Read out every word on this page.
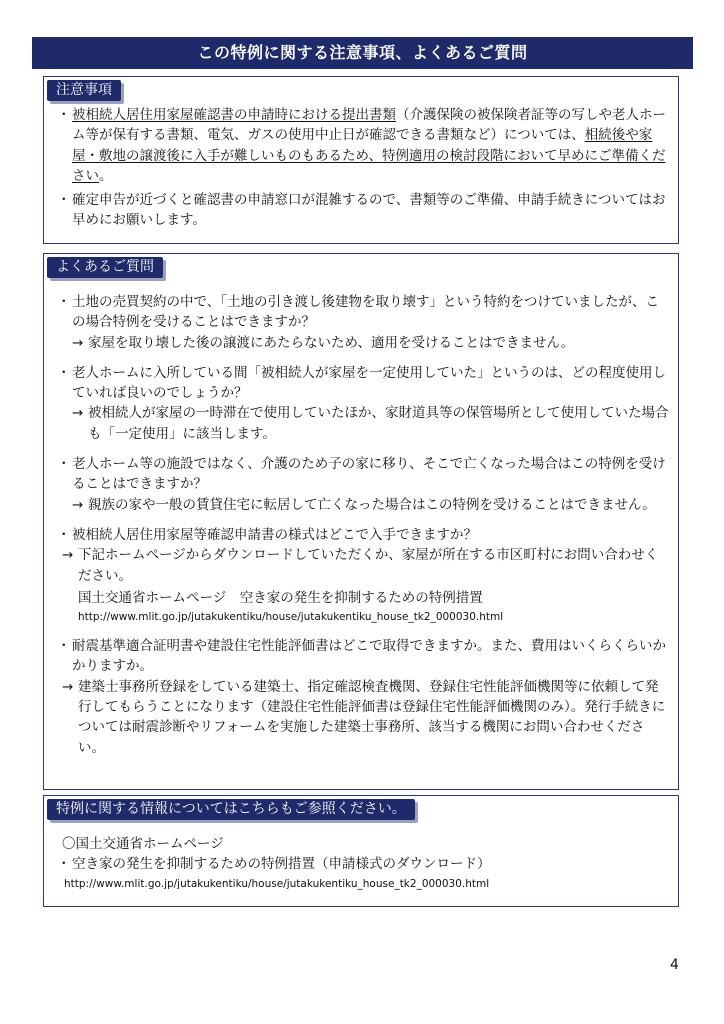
この特例に関する注意事項、よくあるご質問
注意事項
・ 被相続人居住用家屋確認書の申請時における提出書類（介護保険の被保険者証等の写しや老人ホーム等が保有する書類、電気、ガスの使用中止日が確認できる書類など）については、相続後や家屋・敷地の譲渡後に入手が難しいものもあるため、特例適用の検討段階において早めにご準備ください。
・ 確定申告が近づくと確認書の申請窓口が混雑するので、書類等のご準備、申請手続きについてはお早めにお願いします。
よくあるご質問
・ 土地の売買契約の中で、「土地の引き渡し後建物を取り壊す」という特約をつけていましたが、この場合特例を受けることはできますか？
→ 家屋を取り壊した後の譲渡にあたらないため、適用を受けることはできません。
・ 老人ホームに入所している間「被相続人が家屋を一定使用していた」というのは、どの程度使用していれば良いのでしょうか？
→ 被相続人が家屋の一時滞在で使用していたほか、家財道具等の保管場所として使用していた場合も「一定使用」に該当します。
・ 老人ホーム等の施設ではなく、介護のため子の家に移り、そこで亡くなった場合はこの特例を受けることはできますか？
→ 親族の家や一般の賃貸住宅に転居して亡くなった場合はこの特例を受けることはできません。
・ 被相続人居住用家屋等確認申請書の様式はどこで入手できますか？
→ 下記ホームページからダウンロードしていただくか、家屋が所在する市区町村にお問い合わせください。
国土交通省ホームページ　空き家の発生を抑制するための特例措置
http://www.mlit.go.jp/jutakukentiku/house/jutakukentiku_house_tk2_000030.html
・ 耐震基準適合証明書や建設住宅性能評価書はどこで取得できますか。また、費用はいくらくらいかかりますか。
→ 建築士事務所登録をしている建築士、指定確認検査機関、登録住宅性能評価機関等に依頼して発行してもらうことになります（建設住宅性能評価書は登録住宅性能評価機関のみ）。発行手続きについては耐震診断やリフォームを実施した建築士事務所、該当する機関にお問い合わせください。
特例に関する情報についてはこちらもご参照ください。
〇国土交通省ホームページ
・ 空き家の発生を抑制するための特例措置（申請様式のダウンロード）
http://www.mlit.go.jp/jutakukentiku/house/jutakukentiku_house_tk2_000030.html
4
